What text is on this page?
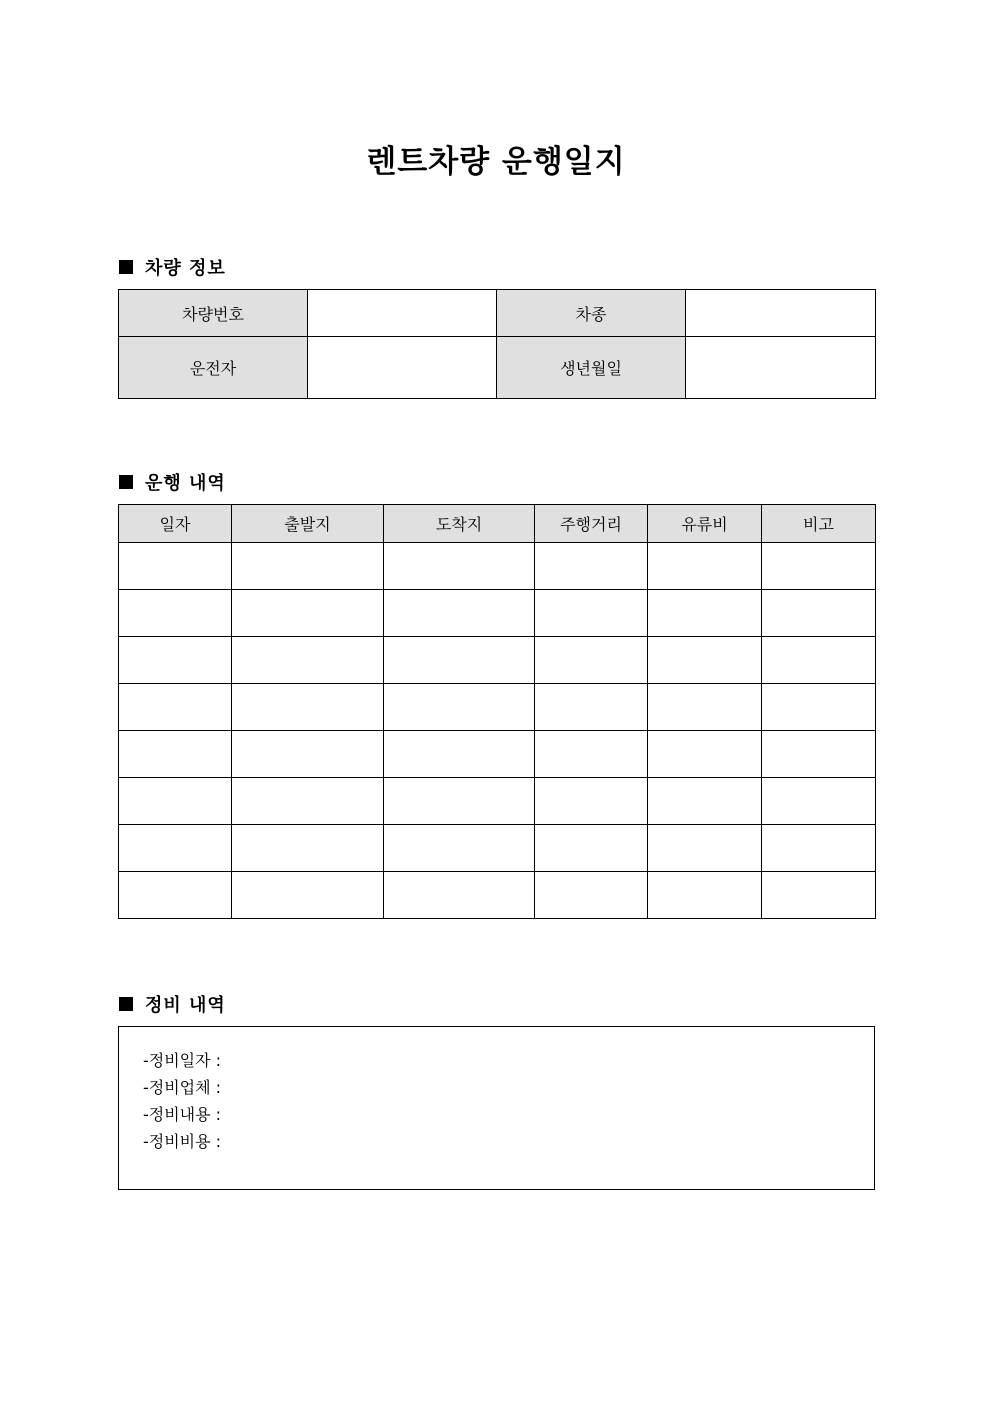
렌트차량 운행일지
차량 정보
차량번호		차종	
운전자		생년월일	
운행 내역
일자	출발지	도착지	주행거리	유류비	비고

정비 내역
-정비일자 :
-정비업체 :
-정비내용 :
-정비비용 :
